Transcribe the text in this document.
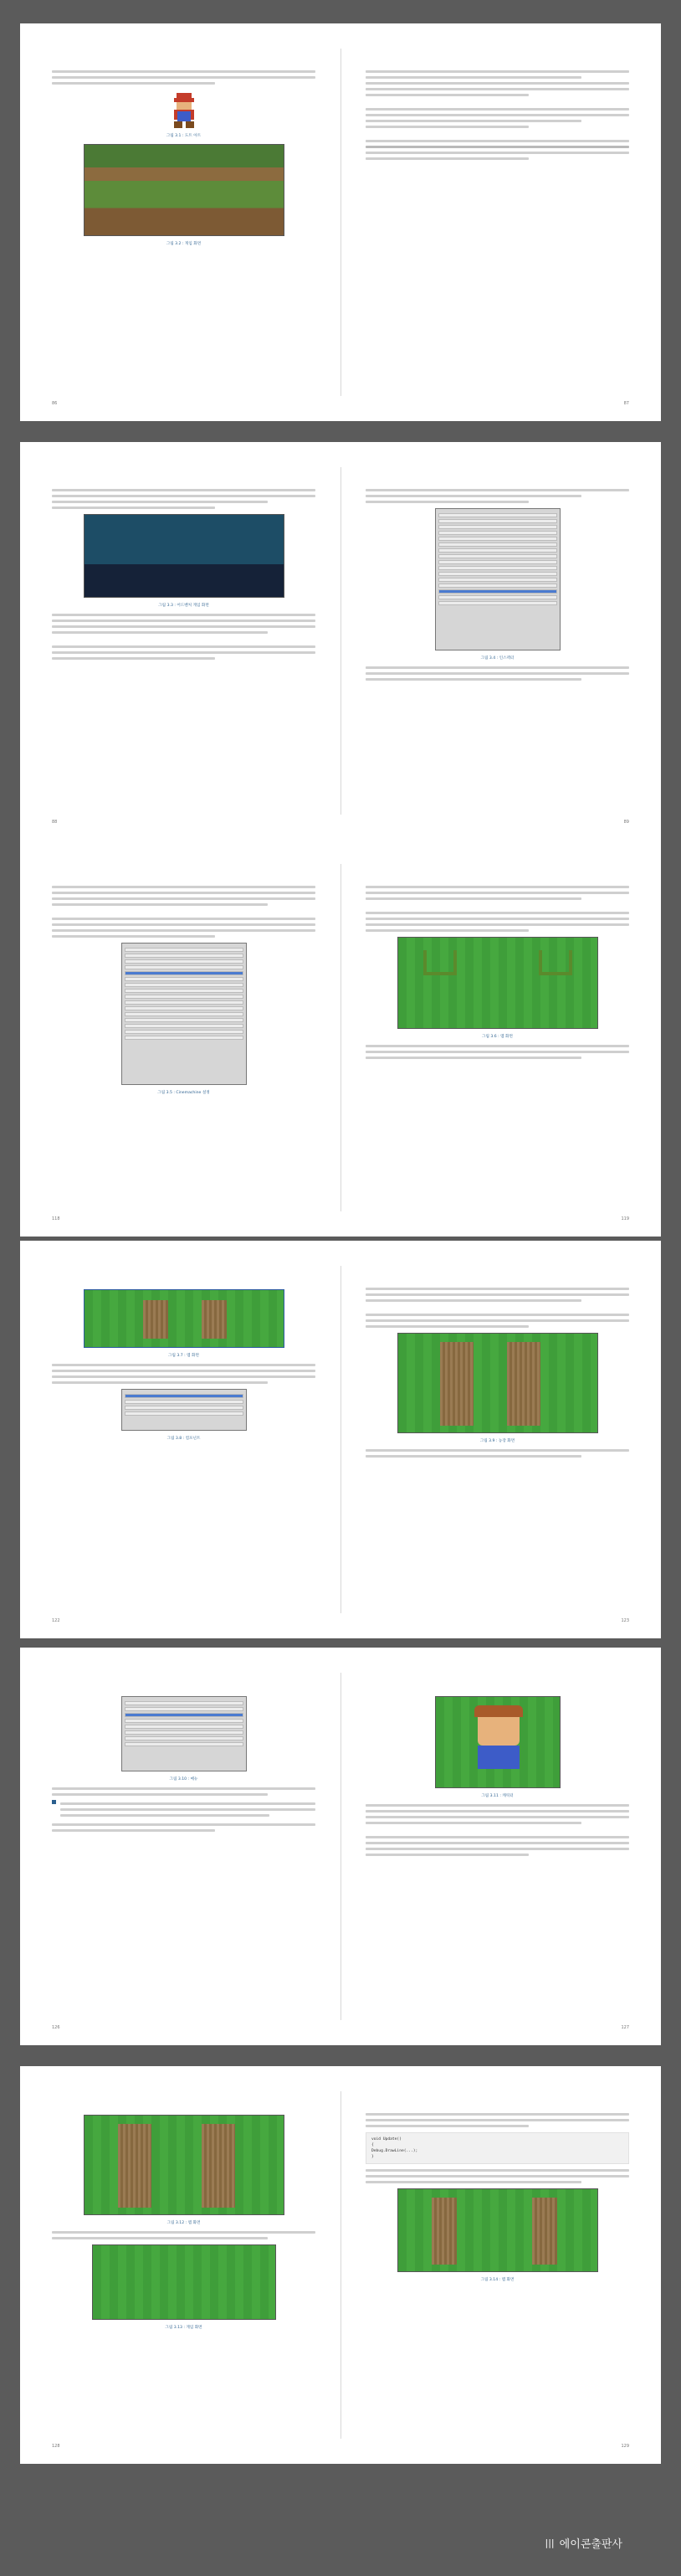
그림 3.1 : 도트 아트
그림 3.2 : 게임 화면
86	87
그림 3.3 : 어드벤처 게임 화면
88
그림 3.4 : 인스펙터
89
그림 3.5 : Cinemachine 설정
118
그림 3.6 : 맵 화면
119
그림 3.7 : 맵 화면
그림 3.8 : 컴포넌트
122
그림 3.9 : 농장 화면
123
그림 3.10 : 메뉴
126
그림 3.11 : 캐릭터
127
그림 3.12 : 맵 화면
그림 3.13 : 게임 화면
128
void Update()
{
Debug.DrawLine(...);
}
그림 3.14 : 맵 화면
129
||| 에이콘출판사
